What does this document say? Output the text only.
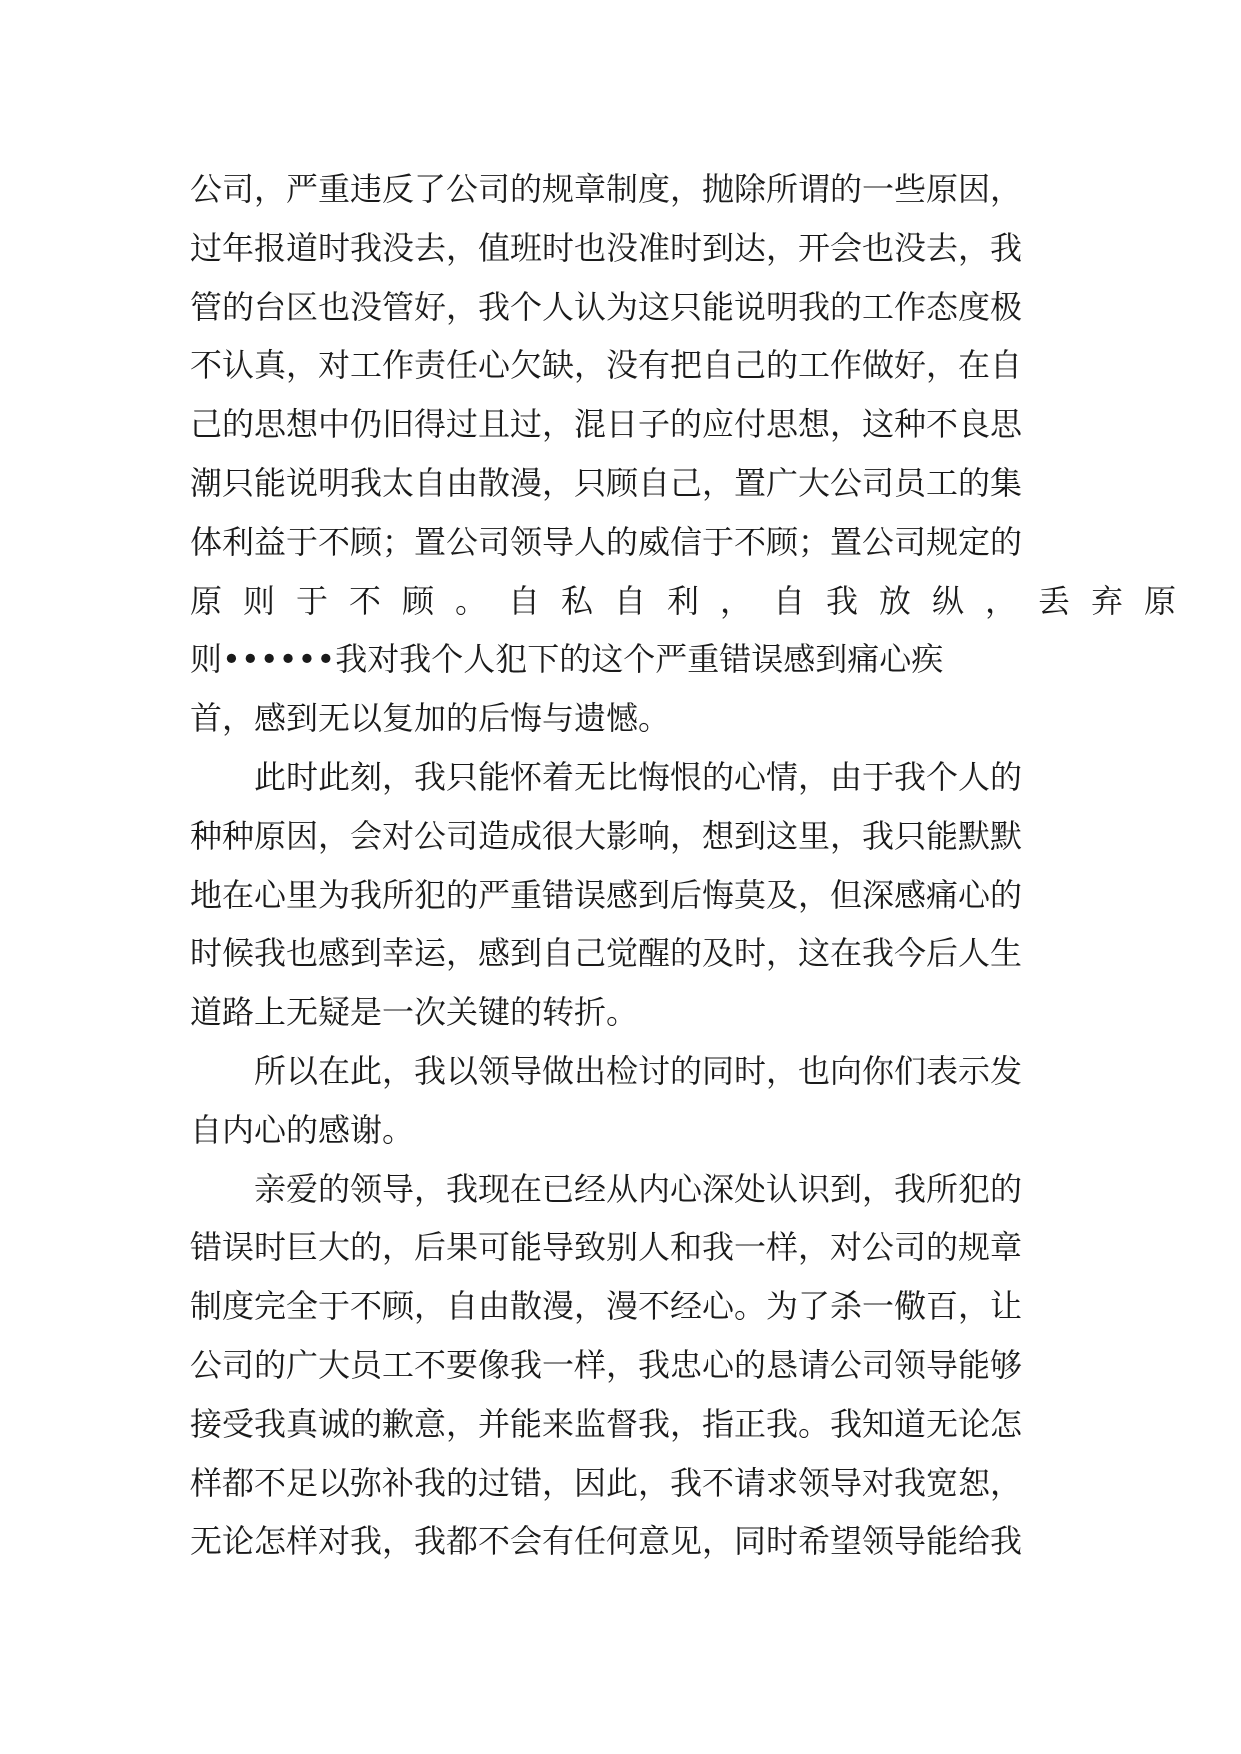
公司，严重违反了公司的规章制度，抛除所谓的一些原因，
过年报道时我没去，值班时也没准时到达，开会也没去，我
管的台区也没管好，我个人认为这只能说明我的工作态度极
不认真，对工作责任心欠缺，没有把自己的工作做好，在自
己的思想中仍旧得过且过，混日子的应付思想，这种不良思
潮只能说明我太自由散漫，只顾自己，置广大公司员工的集
体利益于不顾；置公司领导人的威信于不顾；置公司规定的
原则于不顾。自私自利，自我放纵，丢弃原
则••••••我对我个人犯下的这个严重错误感到痛心疾
首，感到无以复加的后悔与遗憾。
此时此刻，我只能怀着无比悔恨的心情，由于我个人的
种种原因，会对公司造成很大影响，想到这里，我只能默默
地在心里为我所犯的严重错误感到后悔莫及，但深感痛心的
时候我也感到幸运，感到自己觉醒的及时，这在我今后人生
道路上无疑是一次关键的转折。
所以在此，我以领导做出检讨的同时，也向你们表示发
自内心的感谢。
亲爱的领导，我现在已经从内心深处认识到，我所犯的
错误时巨大的，后果可能导致别人和我一样，对公司的规章
制度完全于不顾，自由散漫，漫不经心。为了杀一儆百，让
公司的广大员工不要像我一样，我忠心的恳请公司领导能够
接受我真诚的歉意，并能来监督我，指正我。我知道无论怎
样都不足以弥补我的过错，因此，我不请求领导对我宽恕，
无论怎样对我，我都不会有任何意见，同时希望领导能给我
